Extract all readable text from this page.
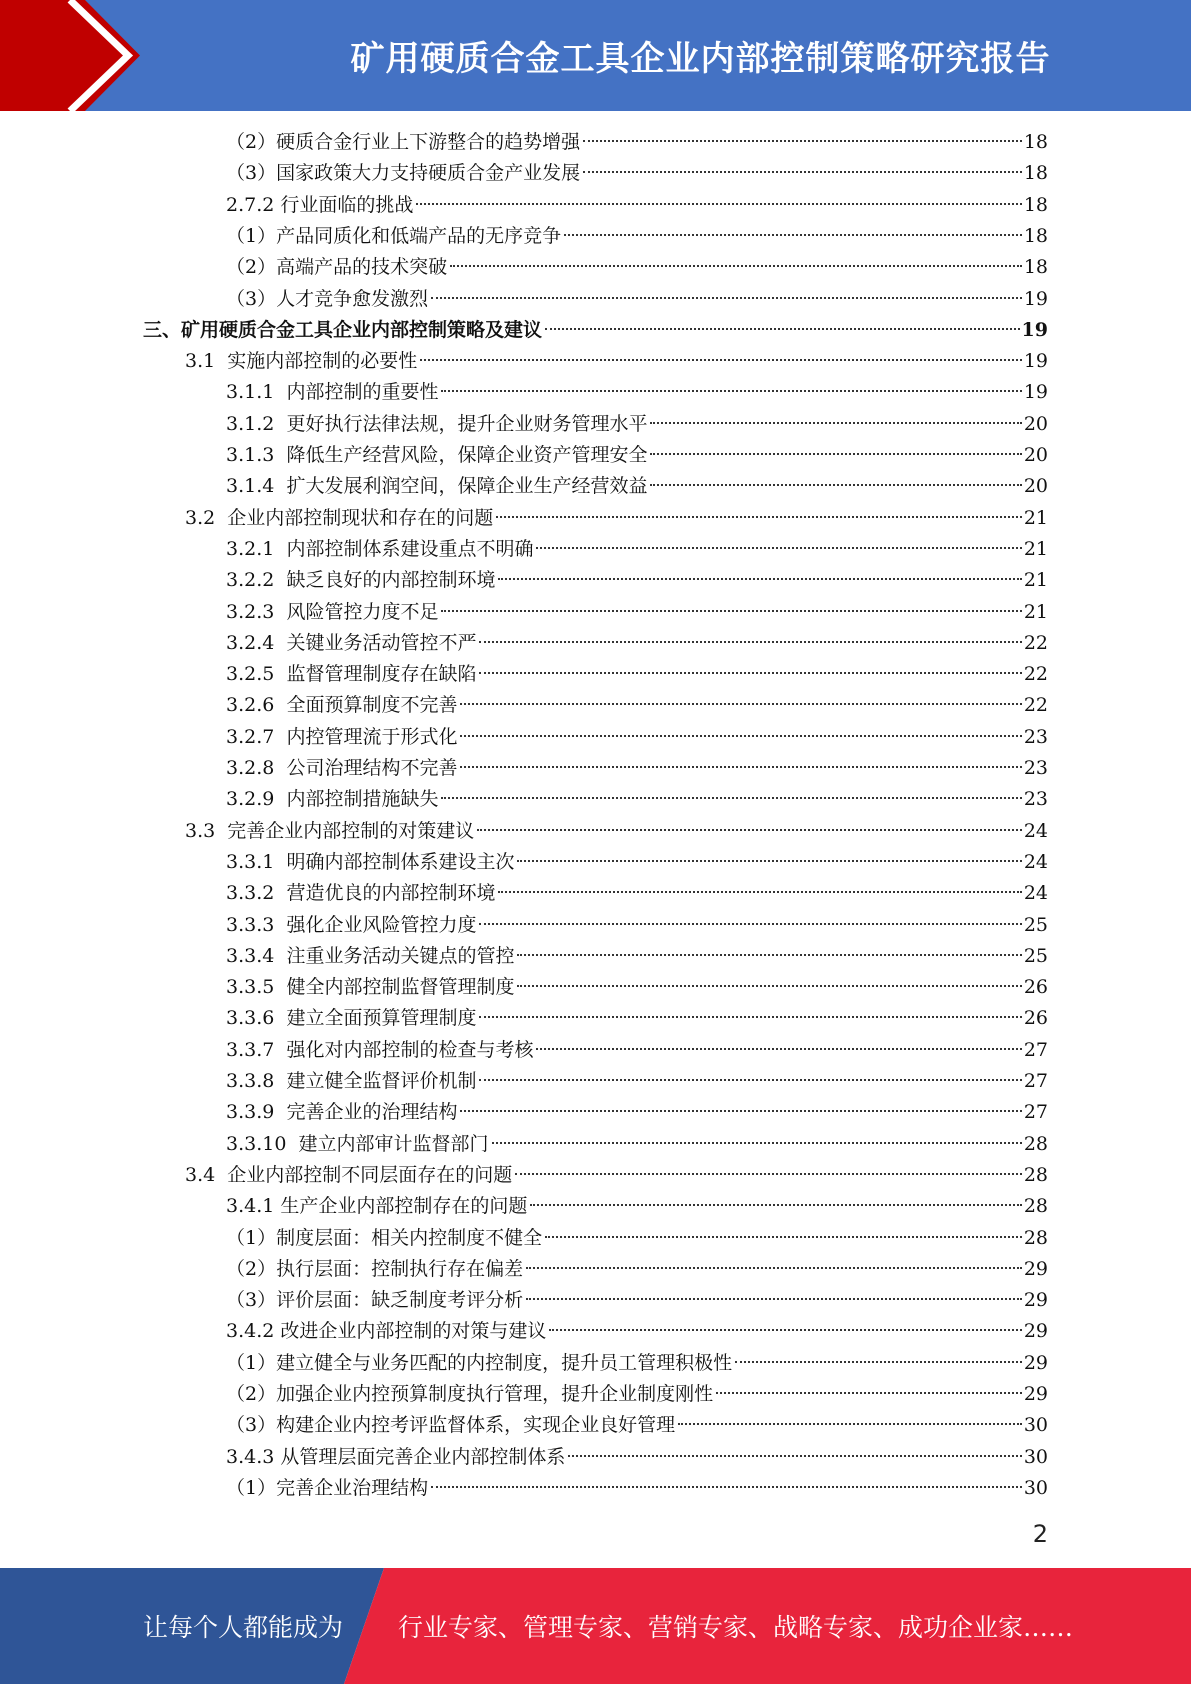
矿用硬质合金工具企业内部控制策略研究报告
（2） 硬质合金行业上下游整合的趋势增强	18
（3） 国家政策大力支持硬质合金产业发展	18
2.7.2 行业面临的挑战	18
（1） 产品同质化和低端产品的无序竞争	18
（2） 高端产品的技术突破	18
（3） 人才竞争愈发激烈	19
三、 矿用硬质合金工具企业内部控制策略及建议	19
3.1 实施内部控制的必要性	19
3.1.1 内部控制的重要性	19
3.1.2 更好执行法律法规，提升企业财务管理水平	20
3.1.3 降低生产经营风险，保障企业资产管理安全	20
3.1.4 扩大发展利润空间，保障企业生产经营效益	20
3.2 企业内部控制现状和存在的问题	21
3.2.1 内部控制体系建设重点不明确	21
3.2.2 缺乏良好的内部控制环境	21
3.2.3 风险管控力度不足	21
3.2.4 关键业务活动管控不严	22
3.2.5 监督管理制度存在缺陷	22
3.2.6 全面预算制度不完善	22
3.2.7 内控管理流于形式化	23
3.2.8 公司治理结构不完善	23
3.2.9 内部控制措施缺失	23
3.3 完善企业内部控制的对策建议	24
3.3.1 明确内部控制体系建设主次	24
3.3.2 营造优良的内部控制环境	24
3.3.3 强化企业风险管控力度	25
3.3.4 注重业务活动关键点的管控	25
3.3.5 健全内部控制监督管理制度	26
3.3.6 建立全面预算管理制度	26
3.3.7 强化对内部控制的检查与考核	27
3.3.8 建立健全监督评价机制	27
3.3.9 完善企业的治理结构	27
3.3.10 建立内部审计监督部门	28
3.4 企业内部控制不同层面存在的问题	28
3.4.1 生产企业内部控制存在的问题	28
（1） 制度层面：相关内控制度不健全	28
（2） 执行层面：控制执行存在偏差	29
（3） 评价层面：缺乏制度考评分析	29
3.4.2 改进企业内部控制的对策与建议	29
（1） 建立健全与业务匹配的内控制度，提升员工管理积极性	29
（2） 加强企业内控预算制度执行管理，提升企业制度刚性	29
（3） 构建企业内控考评监督体系，实现企业良好管理	30
3.4.3 从管理层面完善企业内部控制体系	30
（1） 完善企业治理结构	30
2
让每个人都能成为 行业专家、管理专家、营销专家、战略专家、成功企业家……
